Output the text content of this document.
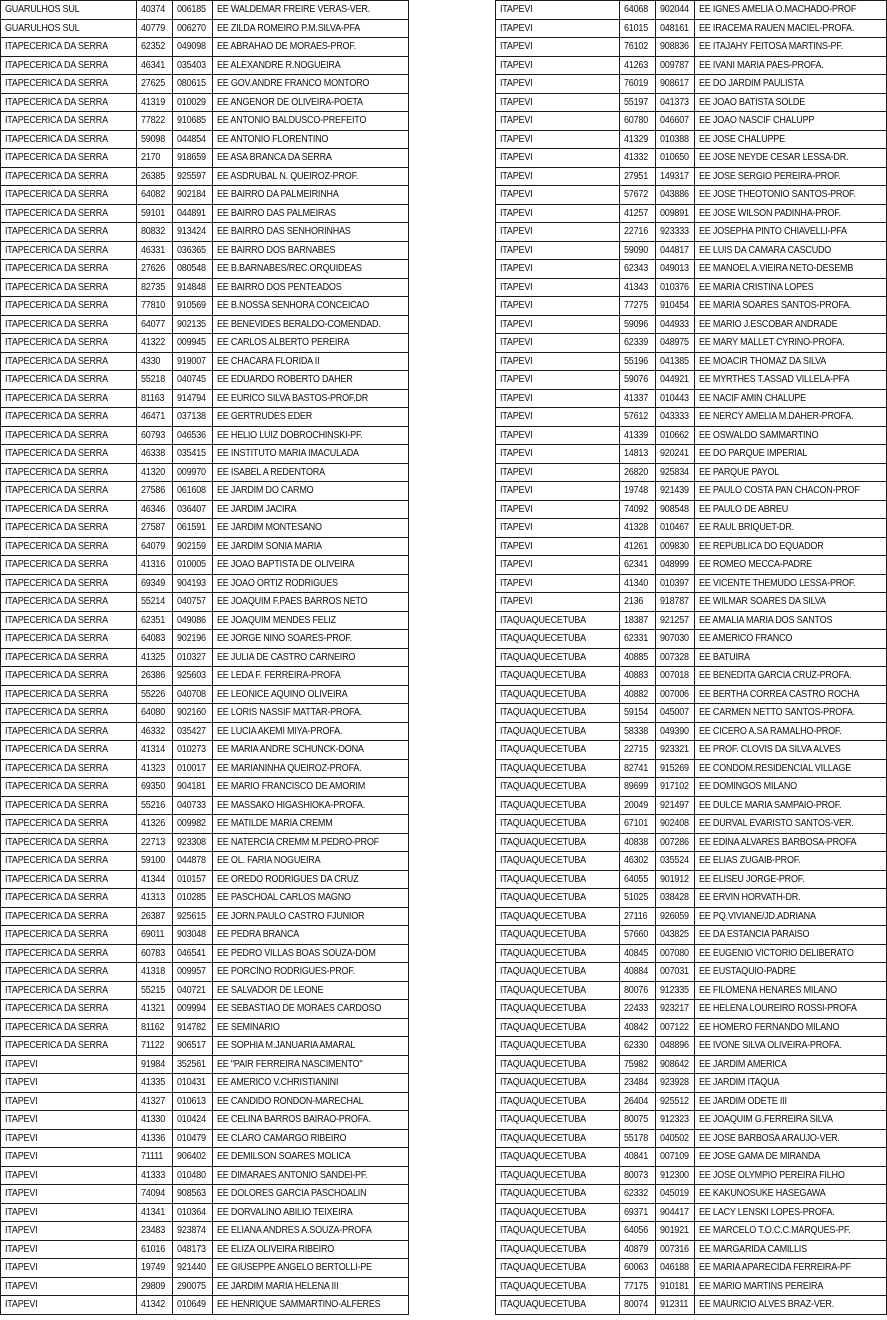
GUARULHOS SUL	40374	006185	EE WALDEMAR FREIRE VERAS-VER.
GUARULHOS SUL	40779	006270	EE ZILDA ROMEIRO P.M.SILVA-PFA
ITAPECERICA DA SERRA	62352	049098	EE ABRAHAO DE MORAES-PROF.
ITAPECERICA DA SERRA	46341	035403	EE ALEXANDRE R.NOGUEIRA
ITAPECERICA DA SERRA	27625	080615	EE GOV.ANDRE FRANCO MONTORO
ITAPECERICA DA SERRA	41319	010029	EE ANGENOR DE OLIVEIRA-POETA
ITAPECERICA DA SERRA	77822	910685	EE ANTONIO BALDUSCO-PREFEITO
ITAPECERICA DA SERRA	59098	044854	EE ANTONIO FLORENTINO
ITAPECERICA DA SERRA	2170	918659	EE ASA BRANCA DA SERRA
ITAPECERICA DA SERRA	26385	925597	EE ASDRUBAL N. QUEIROZ-PROF.
ITAPECERICA DA SERRA	64082	902184	EE BAIRRO DA PALMEIRINHA
ITAPECERICA DA SERRA	59101	044891	EE BAIRRO DAS PALMEIRAS
ITAPECERICA DA SERRA	80832	913424	EE BAIRRO DAS SENHORINHAS
ITAPECERICA DA SERRA	46331	036365	EE BAIRRO DOS BARNABES
ITAPECERICA DA SERRA	27626	080548	EE B.BARNABES/REC.ORQUIDEAS
ITAPECERICA DA SERRA	82735	914848	EE BAIRRO DOS PENTEADOS
ITAPECERICA DA SERRA	77810	910569	EE B.NOSSA SENHORA CONCEICAO
ITAPECERICA DA SERRA	64077	902135	EE BENEVIDES BERALDO-COMENDAD.
ITAPECERICA DA SERRA	41322	009945	EE CARLOS ALBERTO PEREIRA
ITAPECERICA DA SERRA	4330	919007	EE CHACARA FLORIDA II
ITAPECERICA DA SERRA	55218	040745	EE EDUARDO ROBERTO DAHER
ITAPECERICA DA SERRA	81163	914794	EE EURICO SILVA BASTOS-PROF.DR
ITAPECERICA DA SERRA	46471	037138	EE GERTRUDES EDER
ITAPECERICA DA SERRA	60793	046536	EE HELIO LUIZ DOBROCHINSKI-PF.
ITAPECERICA DA SERRA	46338	035415	EE INSTITUTO MARIA IMACULADA
ITAPECERICA DA SERRA	41320	009970	EE ISABEL A REDENTORA
ITAPECERICA DA SERRA	27586	061608	EE JARDIM DO CARMO
ITAPECERICA DA SERRA	46346	036407	EE JARDIM JACIRA
ITAPECERICA DA SERRA	27587	061591	EE JARDIM MONTESANO
ITAPECERICA DA SERRA	64079	902159	EE JARDIM SONIA MARIA
ITAPECERICA DA SERRA	41316	010005	EE JOAO BAPTISTA DE OLIVEIRA
ITAPECERICA DA SERRA	69349	904193	EE JOAO ORTIZ RODRIGUES
ITAPECERICA DA SERRA	55214	040757	EE JOAQUIM F.PAES BARROS NETO
ITAPECERICA DA SERRA	62351	049086	EE JOAQUIM MENDES FELIZ
ITAPECERICA DA SERRA	64083	902196	EE JORGE NINO SOARES-PROF.
ITAPECERICA DA SERRA	41325	010327	EE JULIA DE CASTRO CARNEIRO
ITAPECERICA DA SERRA	26386	925603	EE LEDA F. FERREIRA-PROFA
ITAPECERICA DA SERRA	55226	040708	EE LEONICE AQUINO OLIVEIRA
ITAPECERICA DA SERRA	64080	902160	EE LORIS NASSIF MATTAR-PROFA.
ITAPECERICA DA SERRA	46332	035427	EE LUCIA AKEMI MIYA-PROFA.
ITAPECERICA DA SERRA	41314	010273	EE MARIA ANDRE SCHUNCK-DONA
ITAPECERICA DA SERRA	41323	010017	EE MARIANINHA QUEIROZ-PROFA.
ITAPECERICA DA SERRA	69350	904181	EE MARIO FRANCISCO DE AMORIM
ITAPECERICA DA SERRA	55216	040733	EE MASSAKO HIGASHIOKA-PROFA.
ITAPECERICA DA SERRA	41326	009982	EE MATILDE MARIA CREMM
ITAPECERICA DA SERRA	22713	923308	EE NATERCIA CREMM M.PEDRO-PROF
ITAPECERICA DA SERRA	59100	044878	EE OL. FARIA NOGUEIRA
ITAPECERICA DA SERRA	41344	010157	EE OREDO RODRIGUES DA CRUZ
ITAPECERICA DA SERRA	41313	010285	EE PASCHOAL CARLOS MAGNO
ITAPECERICA DA SERRA	26387	925615	EE JORN.PAULO CASTRO FJUNIOR
ITAPECERICA DA SERRA	69011	903048	EE PEDRA BRANCA
ITAPECERICA DA SERRA	60783	046541	EE PEDRO VILLAS BOAS SOUZA-DOM
ITAPECERICA DA SERRA	41318	009957	EE PORCINO RODRIGUES-PROF.
ITAPECERICA DA SERRA	55215	040721	EE SALVADOR DE LEONE
ITAPECERICA DA SERRA	41321	009994	EE SEBASTIAO DE MORAES CARDOSO
ITAPECERICA DA SERRA	81162	914782	EE SEMINARIO
ITAPECERICA DA SERRA	71122	906517	EE SOPHIA M.JANUARIA AMARAL
ITAPEVI	91984	352561	EE "PAIR FERREIRA NASCIMENTO"
ITAPEVI	41335	010431	EE AMERICO V.CHRISTIANINI
ITAPEVI	41327	010613	EE CANDIDO RONDON-MARECHAL
ITAPEVI	41330	010424	EE CELINA BARROS BAIRAO-PROFA.
ITAPEVI	41336	010479	EE CLARO CAMARGO RIBEIRO
ITAPEVI	71111	906402	EE DEMILSON SOARES MOLICA
ITAPEVI	41333	010480	EE DIMARAES ANTONIO SANDEI-PF.
ITAPEVI	74094	908563	EE DOLORES GARCIA PASCHOALIN
ITAPEVI	41341	010364	EE DORVALINO ABILIO TEIXEIRA
ITAPEVI	23483	923874	EE ELIANA ANDRES A.SOUZA-PROFA
ITAPEVI	61016	048173	EE ELIZA OLIVEIRA RIBEIRO
ITAPEVI	19749	921440	EE GIUSEPPE ANGELO BERTOLLI-PE
ITAPEVI	29809	290075	EE JARDIM MARIA HELENA III
ITAPEVI	41342	010649	EE HENRIQUE SAMMARTINO-ALFERES
ITAPEVI	64068	902044	EE IGNES AMELIA O.MACHADO-PROF
ITAPEVI	61015	048161	EE IRACEMA RAUEN MACIEL-PROFA.
ITAPEVI	76102	908836	EE ITAJAHY FEITOSA MARTINS-PF.
ITAPEVI	41263	009787	EE IVANI MARIA PAES-PROFA.
ITAPEVI	76019	908617	EE DO JARDIM PAULISTA
ITAPEVI	55197	041373	EE JOAO BATISTA SOLDE
ITAPEVI	60780	046607	EE JOAO NASCIF CHALUPP
ITAPEVI	41329	010388	EE JOSE CHALUPPE
ITAPEVI	41332	010650	EE JOSE NEYDE CESAR LESSA-DR.
ITAPEVI	27951	149317	EE JOSE SERGIO PEREIRA-PROF.
ITAPEVI	57672	043886	EE JOSE THEOTONIO SANTOS-PROF.
ITAPEVI	41257	009891	EE JOSE WILSON PADINHA-PROF.
ITAPEVI	22716	923333	EE JOSEPHA PINTO CHIAVELLI-PFA
ITAPEVI	59090	044817	EE LUIS DA CAMARA CASCUDO
ITAPEVI	62343	049013	EE MANOEL A.VIEIRA NETO-DESEMB
ITAPEVI	41343	010376	EE MARIA CRISTINA LOPES
ITAPEVI	77275	910454	EE MARIA SOARES SANTOS-PROFA.
ITAPEVI	59096	044933	EE MARIO J.ESCOBAR ANDRADE
ITAPEVI	62339	048975	EE MARY MALLET CYRINO-PROFA.
ITAPEVI	55196	041385	EE MOACIR THOMAZ DA SILVA
ITAPEVI	59076	044921	EE MYRTHES T.ASSAD VILLELA-PFA
ITAPEVI	41337	010443	EE NACIF AMIN CHALUPE
ITAPEVI	57612	043333	EE NERCY AMELIA M.DAHER-PROFA.
ITAPEVI	41339	010662	EE OSWALDO SAMMARTINO
ITAPEVI	14813	920241	EE DO PARQUE IMPERIAL
ITAPEVI	26820	925834	EE PARQUE PAYOL
ITAPEVI	19748	921439	EE PAULO COSTA PAN CHACON-PROF
ITAPEVI	74092	908548	EE PAULO DE ABREU
ITAPEVI	41328	010467	EE RAUL BRIQUET-DR.
ITAPEVI	41261	009830	EE REPUBLICA DO EQUADOR
ITAPEVI	62341	048999	EE ROMEO MECCA-PADRE
ITAPEVI	41340	010397	EE VICENTE THEMUDO LESSA-PROF.
ITAPEVI	2136	918787	EE WILMAR SOARES DA SILVA
ITAQUAQUECETUBA	18387	921257	EE AMALIA MARIA DOS SANTOS
ITAQUAQUECETUBA	62331	907030	EE AMERICO FRANCO
ITAQUAQUECETUBA	40885	007328	EE BATUIRA
ITAQUAQUECETUBA	40883	007018	EE BENEDITA GARCIA CRUZ-PROFA.
ITAQUAQUECETUBA	40882	007006	EE BERTHA CORREA CASTRO ROCHA
ITAQUAQUECETUBA	59154	045007	EE CARMEN NETTO SANTOS-PROFA.
ITAQUAQUECETUBA	58338	049390	EE CICERO A.SA RAMALHO-PROF.
ITAQUAQUECETUBA	22715	923321	EE PROF. CLOVIS DA SILVA ALVES
ITAQUAQUECETUBA	82741	915269	EE CONDOM.RESIDENCIAL VILLAGE
ITAQUAQUECETUBA	89699	917102	EE DOMINGOS MILANO
ITAQUAQUECETUBA	20049	921497	EE DULCE MARIA SAMPAIO-PROF.
ITAQUAQUECETUBA	67101	902408	EE DURVAL EVARISTO SANTOS-VER.
ITAQUAQUECETUBA	40838	007286	EE EDINA ALVARES BARBOSA-PROFA
ITAQUAQUECETUBA	46302	035524	EE ELIAS ZUGAIB-PROF.
ITAQUAQUECETUBA	64055	901912	EE ELISEU JORGE-PROF.
ITAQUAQUECETUBA	51025	038428	EE ERVIN HORVATH-DR.
ITAQUAQUECETUBA	27116	926059	EE PQ.VIVIANE/JD.ADRIANA
ITAQUAQUECETUBA	57660	043825	EE DA ESTANCIA PARAISO
ITAQUAQUECETUBA	40845	007080	EE EUGENIO VICTORIO DELIBERATO
ITAQUAQUECETUBA	40884	007031	EE EUSTAQUIO-PADRE
ITAQUAQUECETUBA	80076	912335	EE FILOMENA HENARES MILANO
ITAQUAQUECETUBA	22433	923217	EE HELENA LOUREIRO ROSSI-PROFA
ITAQUAQUECETUBA	40842	007122	EE HOMERO FERNANDO MILANO
ITAQUAQUECETUBA	62330	048896	EE IVONE SILVA OLIVEIRA-PROFA.
ITAQUAQUECETUBA	75982	908642	EE JARDIM AMERICA
ITAQUAQUECETUBA	23484	923928	EE JARDIM ITAQUA
ITAQUAQUECETUBA	26404	925512	EE JARDIM ODETE III
ITAQUAQUECETUBA	80075	912323	EE JOAQUIM G.FERREIRA SILVA
ITAQUAQUECETUBA	55178	040502	EE JOSE BARBOSA ARAUJO-VER.
ITAQUAQUECETUBA	40841	007109	EE JOSE GAMA DE MIRANDA
ITAQUAQUECETUBA	80073	912300	EE JOSE OLYMPIO PEREIRA FILHO
ITAQUAQUECETUBA	62332	045019	EE KAKUNOSUKE HASEGAWA
ITAQUAQUECETUBA	69371	904417	EE LACY LENSKI LOPES-PROFA.
ITAQUAQUECETUBA	64056	901921	EE MARCELO T.O.C.C.MARQUES-PF.
ITAQUAQUECETUBA	40879	007316	EE MARGARIDA CAMILLIS
ITAQUAQUECETUBA	60063	046188	EE MARIA APARECIDA FERREIRA-PF
ITAQUAQUECETUBA	77175	910181	EE MARIO MARTINS PEREIRA
ITAQUAQUECETUBA	80074	912311	EE MAURICIO ALVES BRAZ-VER.
